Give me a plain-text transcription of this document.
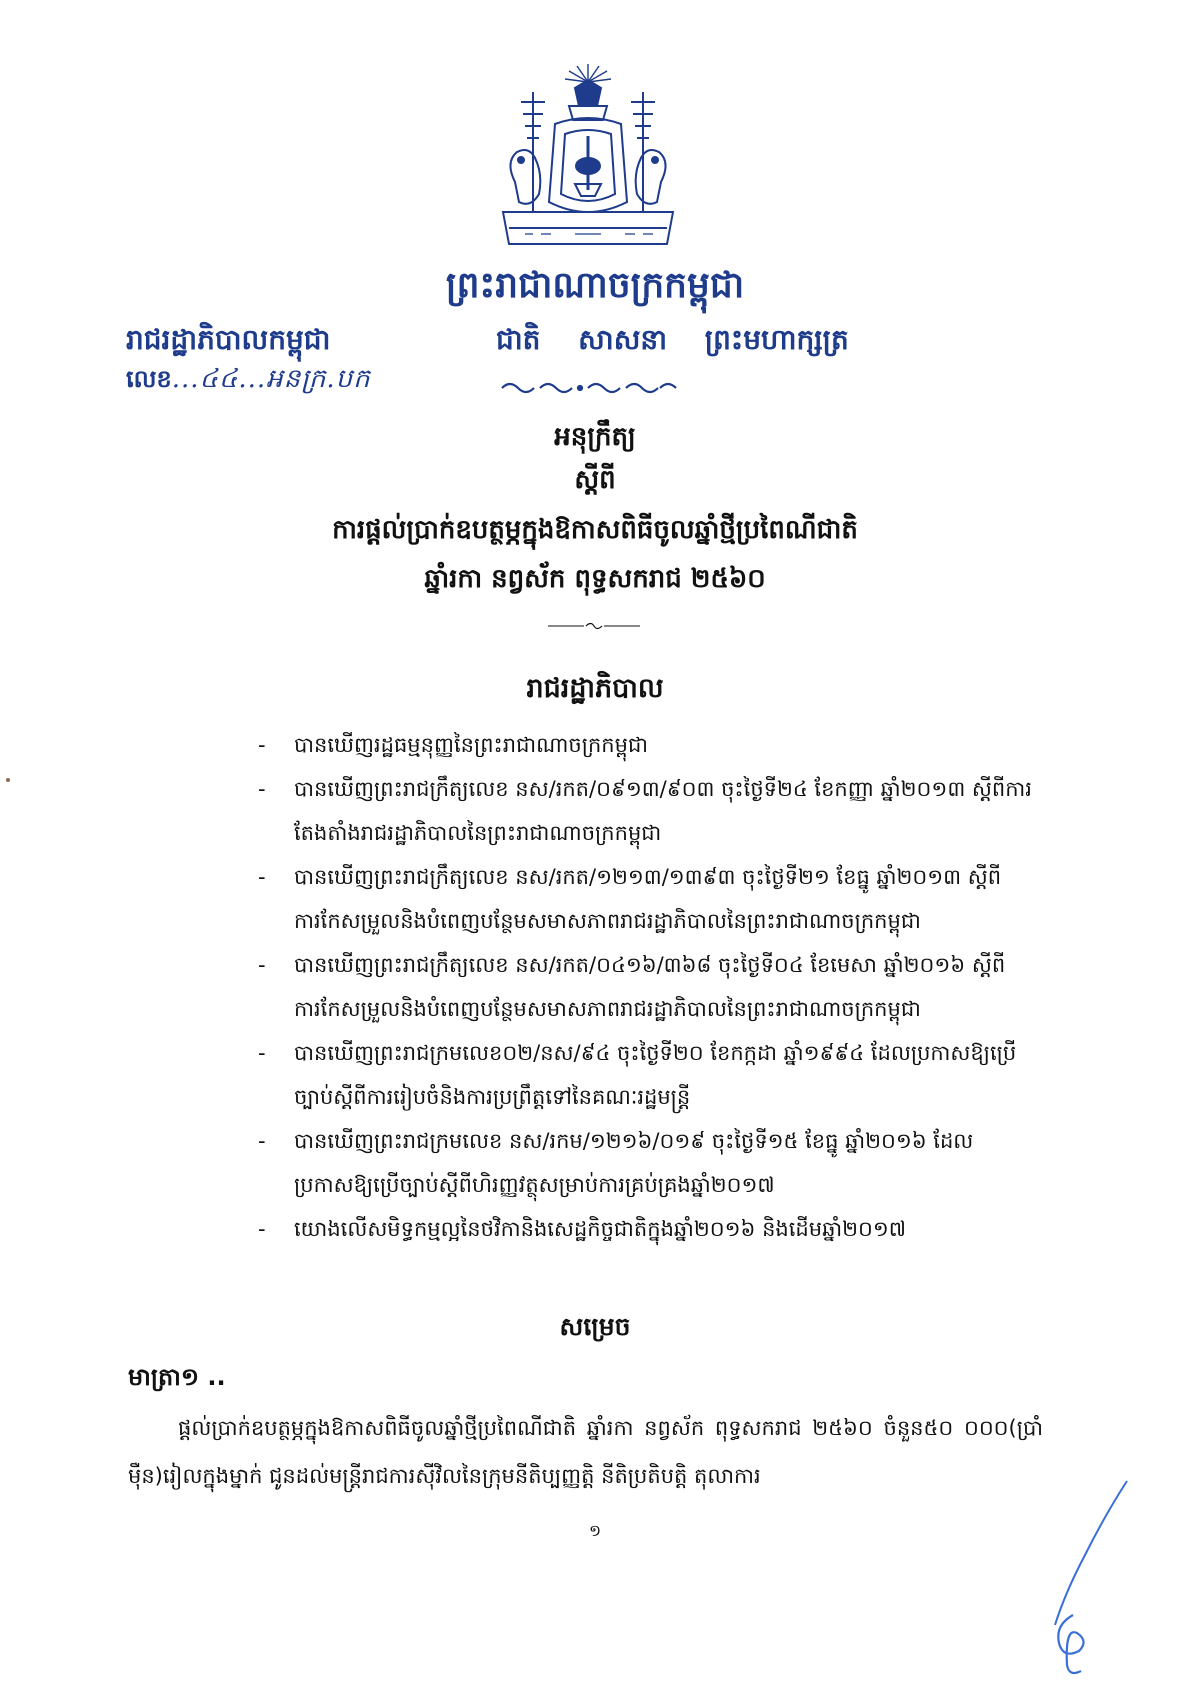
ព្រះរាជាណាចក្រកម្ពុជា
រាជរដ្ឋាភិបាលកម្ពុជា	ជាតិ សាសនា ព្រះមហាក្សត្រ
លេខ...៤៤...អនក្រ.បក
អនុក្រឹត្យ
ស្តីពី
ការផ្តល់ប្រាក់ឧបត្ថម្ភក្នុងឱកាសពិធីចូលឆ្នាំថ្មីប្រពៃណីជាតិ
ឆ្នាំរកា នព្វស័ក ពុទ្ធសករាជ ២៥៦០
រាជរដ្ឋាភិបាល
- បានឃើញរដ្ឋធម្មនុញ្ញនៃព្រះរាជាណាចក្រកម្ពុជា
- បានឃើញព្រះរាជក្រឹត្យលេខ នស/រកត/០៩១៣/៩០៣ ចុះថ្ងៃទី២៤ ខែកញ្ញា ឆ្នាំ២០១៣ ស្តីពីការតែងតាំងរាជរដ្ឋាភិបាលនៃព្រះរាជាណាចក្រកម្ពុជា
- បានឃើញព្រះរាជក្រឹត្យលេខ នស/រកត/១២១៣/១៣៩៣ ចុះថ្ងៃទី២១ ខែធ្នូ ឆ្នាំ២០១៣ ស្តីពីការកែសម្រួលនិងបំពេញបន្ថែមសមាសភាពរាជរដ្ឋាភិបាលនៃព្រះរាជាណាចក្រកម្ពុជា
- បានឃើញព្រះរាជក្រឹត្យលេខ នស/រកត/០៤១៦/៣៦៨ ចុះថ្ងៃទី០៤ ខែមេសា ឆ្នាំ២០១៦ ស្តីពីការកែសម្រួលនិងបំពេញបន្ថែមសមាសភាពរាជរដ្ឋាភិបាលនៃព្រះរាជាណាចក្រកម្ពុជា
- បានឃើញព្រះរាជក្រមលេខ០២/នស/៩៤ ចុះថ្ងៃទី២០ ខែកក្កដា ឆ្នាំ១៩៩៤ ដែលប្រកាសឱ្យប្រើច្បាប់ស្តីពីការរៀបចំនិងការប្រព្រឹត្តទៅនៃគណៈរដ្ឋមន្ត្រី
- បានឃើញព្រះរាជក្រមលេខ នស/រកម/១២១៦/០១៩ ចុះថ្ងៃទី១៥ ខែធ្នូ ឆ្នាំ២០១៦ ដែលប្រកាសឱ្យប្រើច្បាប់ស្តីពីហិរញ្ញវត្ថុសម្រាប់ការគ្រប់គ្រងឆ្នាំ២០១៧
- យោងលើសមិទ្ធកម្មល្អនៃថវិកានិងសេដ្ឋកិច្ចជាតិក្នុងឆ្នាំ២០១៦ និងដើមឆ្នាំ២០១៧
សម្រេច
មាត្រា១ ..
ផ្តល់ប្រាក់ឧបត្ថម្ភក្នុងឱកាសពិធីចូលឆ្នាំថ្មីប្រពៃណីជាតិ ឆ្នាំរកា នព្វស័ក ពុទ្ធសករាជ ២៥៦០ ចំនួន៥០ ០០០(ប្រាំម៉ឺន)រៀលក្នុងម្នាក់ ជូនដល់មន្ត្រីរាជការស៊ីវិលនៃក្រុមនីតិប្បញ្ញត្តិ នីតិប្រតិបត្តិ តុលាការ
១
